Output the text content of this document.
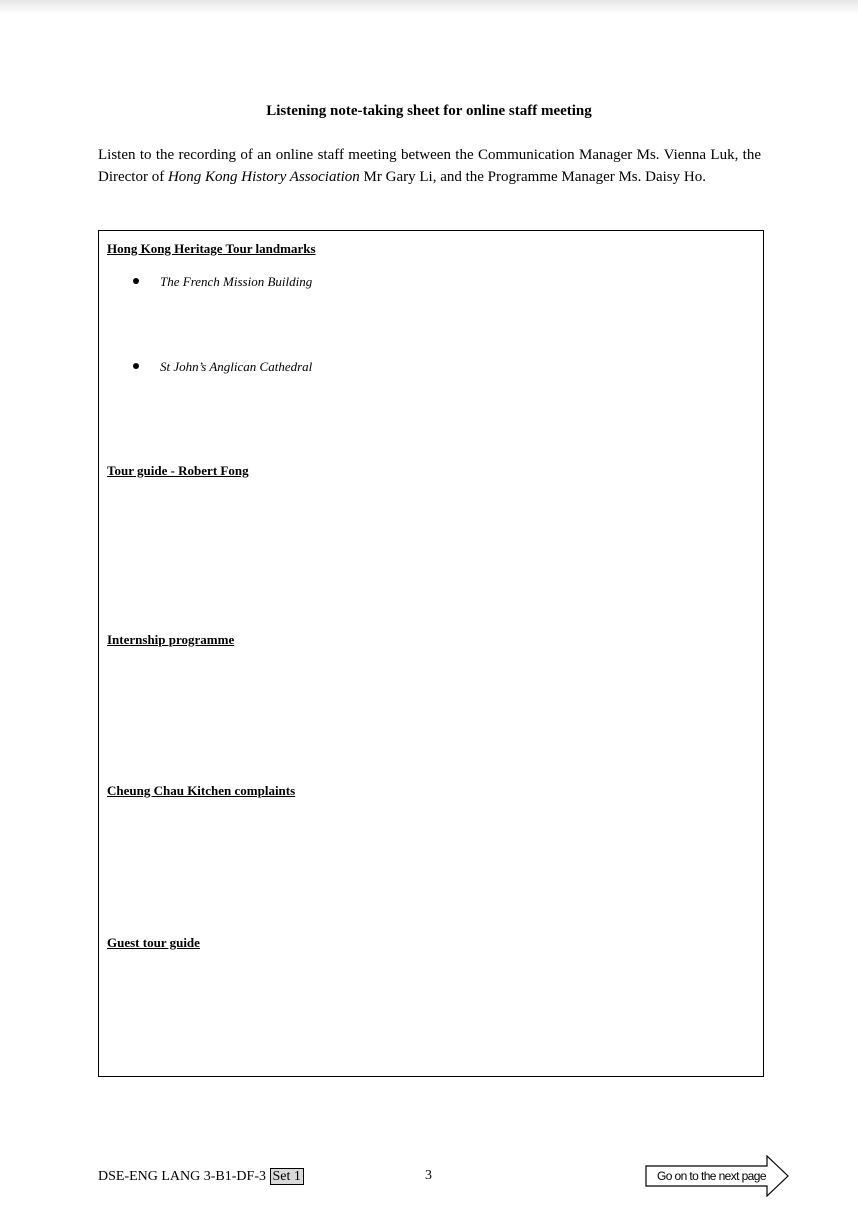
Listening note-taking sheet for online staff meeting

Listen to the recording of an online staff meeting between the Communication Manager Ms. Vienna Luk, the Director of Hong Kong History Association Mr Gary Li, and the Programme Manager Ms. Daisy Ho.

Hong Kong Heritage Tour landmarks
The French Mission Building
St John’s Anglican Cathedral
Tour guide - Robert Fong
Internship programme
Cheung Chau Kitchen complaints
Guest tour guide
DSE-ENG LANG 3-B1-DF-3 Set 1	3	Go on to the next page
